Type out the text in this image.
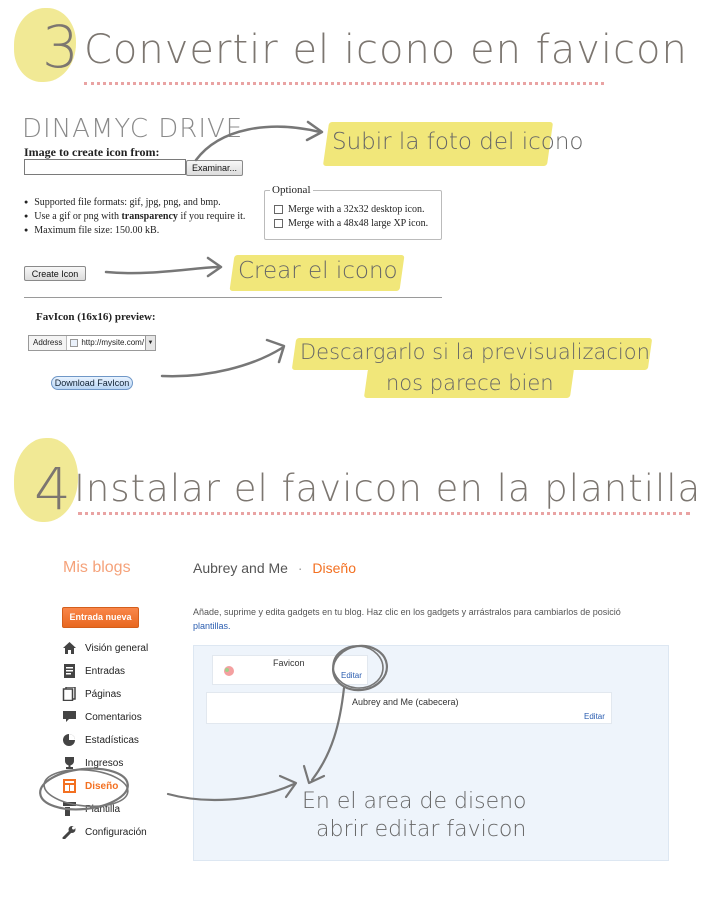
3 Convertir el icono en favicon
DINAMYC DRIVE
Image to create icon from:
Examinar...
● Supported file formats: gif, jpg, png, and bmp.
● Use a gif or png with transparency if you require it.
● Maximum file size: 150.00 kB.
Optional
Merge with a 32x32 desktop icon.
Merge with a 48x48 large XP icon.
Create Icon
FavIcon (16x16) preview:
Address	http://mysite.com/ ▼
Download FavIcon
Subir la foto del icono
Crear el icono
Descargarlo si la previsualizacion
nos parece bien
4 Instalar el favicon en la plantilla
Mis blogs	Aubrey and Me · Diseño
Entrada nueva
Visión general
Entradas
Páginas
Comentarios
Estadísticas
Ingresos
Diseño
Plantilla
Configuración
Añade, suprime y edita gadgets en tu blog. Haz clic en los gadgets y arrástralos para cambiarlos de posició
plantillas.
Favicon
Editar
Aubrey and Me (cabecera)
Editar
En el area de diseno
abrir editar favicon
